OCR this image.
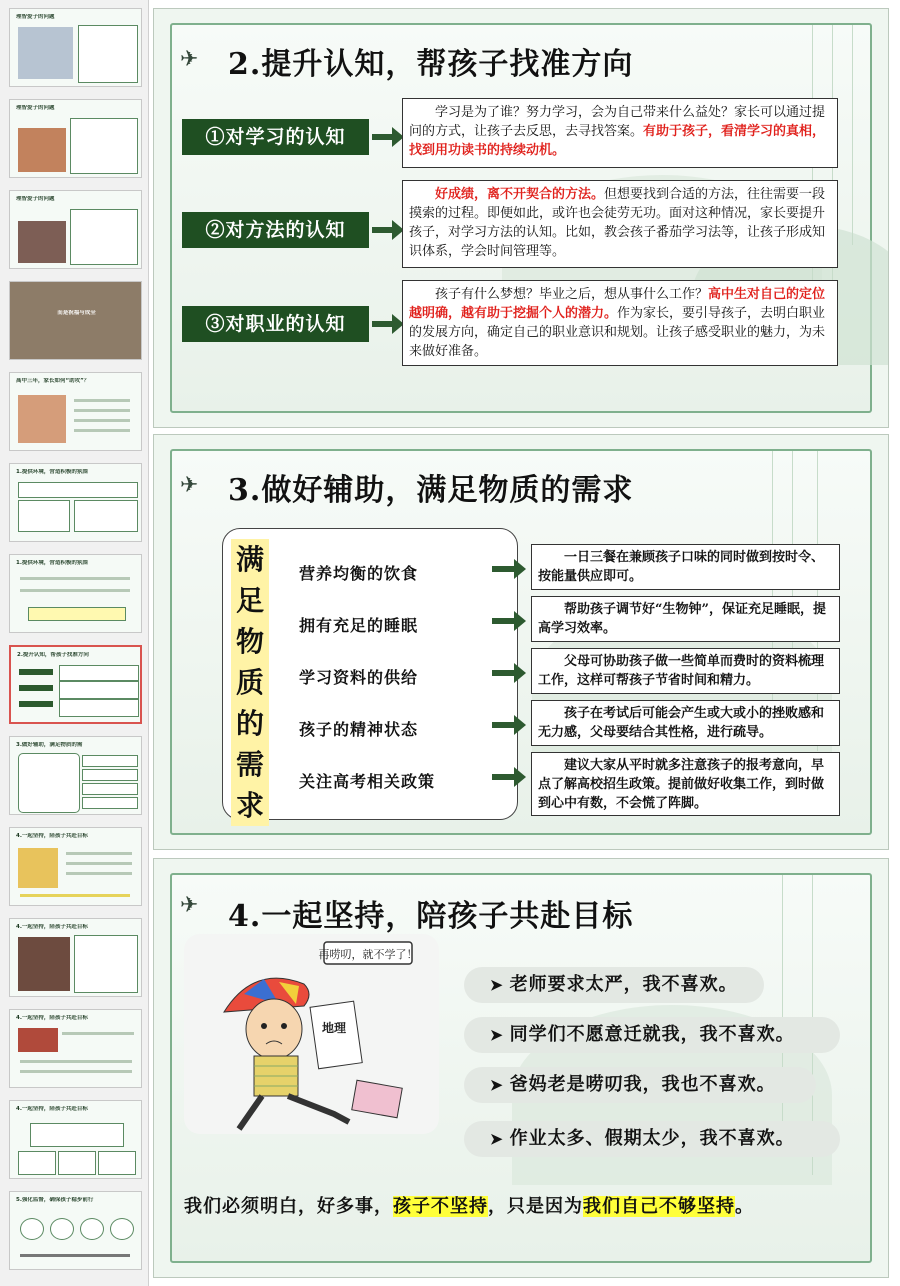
理智爱子的问题
理智爱子的问题
理智爱子的问题
而是祝福与成全
高中三年，家长如何“助攻”？
1.提供环境，营造积极的氛围
1.提供环境，营造积极的氛围
2.提升认知，帮孩子找准方向
3.做好辅助，满足物质的需
4.一起坚持，陪孩子共赴目标
4.一起坚持，陪孩子共赴目标
4.一起坚持，陪孩子共赴目标
4.一起坚持，陪孩子共赴目标
5.强化监督，确保孩子稳步前行
✈ 2.提升认知，帮孩子找准方向
①对学习的认知
  学习是为了谁？努力学习，会为自己带来什么益处？家长可以通过提问的方式，让孩子去反思，去寻找答案。有助于孩子，看清学习的真相，找到用功读书的持续动机。
②对方法的认知
  好成绩，离不开契合的方法。但想要找到合适的方法，往往需要一段摸索的过程。即便如此，或许也会徒劳无功。面对这种情况，家长要提升孩子，对学习方法的认知。比如，教会孩子番茄学习法等，让孩子形成知识体系，学会时间管理等。
③对职业的认知
  孩子有什么梦想？毕业之后，想从事什么工作？高中生对自己的定位越明确，越有助于挖掘个人的潜力。作为家长，要引导孩子，去明白职业的发展方向，确定自己的职业意识和规划。让孩子感受职业的魅力，为未来做好准备。
✈ 3.做好辅助，满足物质的需求
满
足
物
质
的
需
求
营养均衡的饮食
拥有充足的睡眠
学习资料的供给
孩子的精神状态
关注高考相关政策
  一日三餐在兼顾孩子口味的同时做到按时令、按能量供应即可。
  帮助孩子调节好“生物钟”，保证充足睡眠，提高学习效率。
  父母可协助孩子做一些简单而费时的资料梳理工作，这样可帮孩子节省时间和精力。
  孩子在考试后可能会产生或大或小的挫败感和无力感，父母要结合其性格，进行疏导。
  建议大家从平时就多注意孩子的报考意向，早点了解高校招生政策。提前做好收集工作，到时做到心中有数，不会慌了阵脚。
✈ 4.一起坚持，陪孩子共赴目标
再唠叨，就不学了！
地理
➤ 老师要求太严，我不喜欢。
➤ 同学们不愿意迁就我，我不喜欢。
➤ 爸妈老是唠叨我，我也不喜欢。
➤ 作业太多、假期太少，我不喜欢。
我们必须明白，好多事，孩子不坚持，只是因为我们自己不够坚持。
